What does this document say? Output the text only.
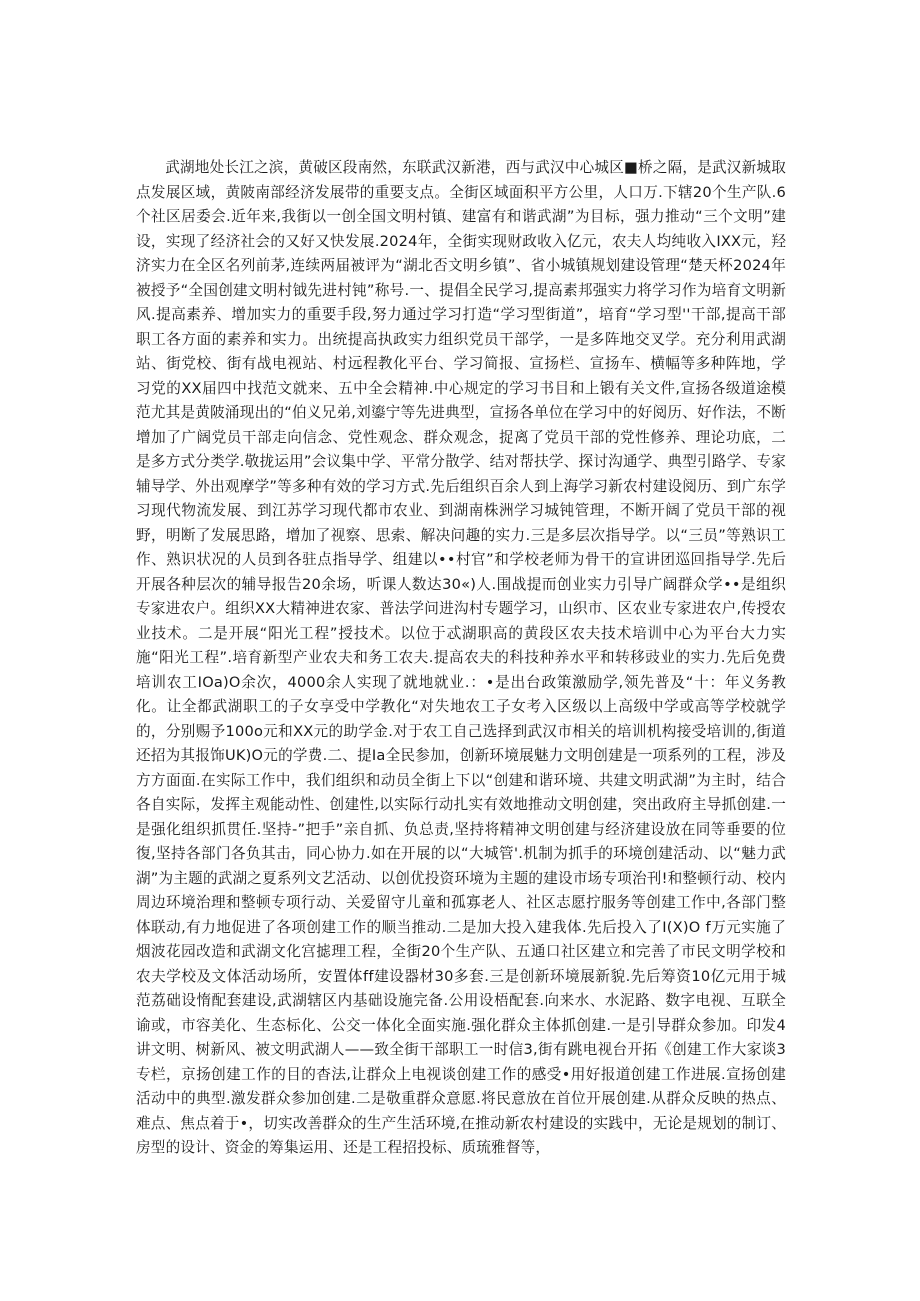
武湖地处长江之滨，黄破区段南然，东联武汉新港，西与武汉中心城区■桥之隔，是武汉新城取点发展区域，黄陂南部经济发展带的重要支点。全街区域面积平方公里，人口万.下辖20个生产队.6个社区居委会.近年来,我街以一创全国文明村镇、建富有和谐武湖”为目标，强力推动“三个文明”建设，实现了经济社会的又好又快发展.2024年，全街实现财政收入亿元，农夫人均纯收入IXX元，羟济实力在全区名列前茅,连续两届被评为“湖北否文明乡镇”、省小城镇规划建设管理“楚天杯2024年被授予“全国创建文明村钺先进村钝”称号.一、提倡全民学习,提高素邦强实力将学习作为培育文明新风.提高素养、增加实力的重要手段,努力通过学习打造“学习型街道”，培育“学习型''干部,提高干部职工各方面的素养和实力。出统提高执政实力组织党员干部学，一是多阵地交叉学。充分利用武湖站、街党校、街有战电视站、村远程教化平台、学习简报、宣扬栏、宣扬车、横幅等多种阵地，学习党的XX届四中找范文就来、五中全会精神.中心规定的学习书目和上锻有关文件,宣扬各级道途模范尤其是黄陂涌现出的“伯义兄弟,刘鎏宁等先进典型，宣扬各单位在学习中的好阅历、好作法，不断增加了广阔党员干部走向信念、党性观念、群众观念，捉离了党员干部的党性修养、理论功底，二是多方式分类学.敬拢运用”会议集中学、平常分散学、结对帮扶学、探讨沟通学、典型引路学、专家辅导学、外出观摩学”等多种有效的学习方式.先后组织百余人到上海学习新农村建设阅历、到广东学习现代物流发展、到江苏学习现代都市农业、到湖南株洲学习城钝管理，不断开阔了党员干部的视野，明断了发展思路，增加了视察、思索、解决问趣的实力.三是多层次指导学。以“三员”等熟识工作、熟识状况的人员到各驻点指导学、组建以••村官”和学校老师为骨干的宣讲团巡回指导学.先后开展各种层次的辅导报告20余场，听课人数达30«)人.围战提而创业实力引导广阔群众学••是组织专家进农户。组织XX大精神进农家、普法学问进沟村专题学习，山织市、区农业专家进农户,传授农业技术。二是开展“阳光工程”授技术。以位于忒湖职高的黄段区农夫技术培训中心为平台大力实施“阳光工程”.培育新型产业农夫和务工农夫.提高农夫的科技种养水平和转移豉业的实力.先后免费培训农工IOa)O余次，4000余人实现了就地就业.：•是出台政策激励学,领先普及“十：年义务教化。让全都武湖职工的子女享受中学教化“对失地农工子女考入区级以上高级中学或高等学校就学的，分别赐予100o元和XX元的助学金.对于农工自己选择到武汉市相关的培训机构接受培训的,街道还招为其报饰UK)O元的学费.二、提Ia全民参加，创新环境展魅力文明创建是一项系列的工程，涉及方方面面.在实际工作中，我们组织和动员全街上下以“创建和谐环境、共建文明武湖”为主时，结合各自实际，发挥主观能动性、创建性,以实际行动扎实有效地推动文明创建，突出政府主导抓创建.一是强化组织抓贯任.坚持-”把手”亲自抓、负总责,坚持将精神文明创建与经济建设放在同等垂要的位復,坚持各部门各负其击，同心协力.如在开展的以“大城管'.机制为抓手的环境创建活动、以“魅力武湖”为主题的武湖之夏系列文艺活动、以创优投资环境为主题的建设市场专项治刊!和整顿行动、校内周边环境治理和整顿专项行动、关爱留守儿童和孤寡老人、社区志愿拧服务等创建工作中,各部门整体联动,有力地促进了各项创建工作的顺当推动.二是加大投入建我体.先后投入了I(X)O f万元实施了烟波花园改造和武湖文化宫摅理工程，全街20个生产队、五通口社区建立和完善了市民文明学校和农夫学校及文体活动场所，安置体ff建设器材30多套.三是创新环境展新貌.先后筹资10亿元用于城范荔础设惰配套建设,武湖辖区内基础设施完备.公用设梧配套.向来水、水泥路、数字电视、互联全谕或，市容美化、生态标化、公交一体化全面实施.强化群众主体抓创建.一是引导群众参加。印发4讲文明、树新风、被文明武湖人——致全街干部职工一时信3,街有跳电视台开拓《创建工作大家谈3专栏，京扬创建工作的目的杳法,让群众上电视谈创建工作的感受•用好报道创建工作进展.宣扬创建活动中的典型.激发群众参加创建.二是敬重群众意愿.将民意放在首位开展创建.从群众反映的热点、难点、焦点着于•，切实改善群众的生产生活环境,在推动新农村建设的实践中，无论是规划的制订、房型的设计、资金的筹集运用、还是工程招投标、质琉雅督等，
